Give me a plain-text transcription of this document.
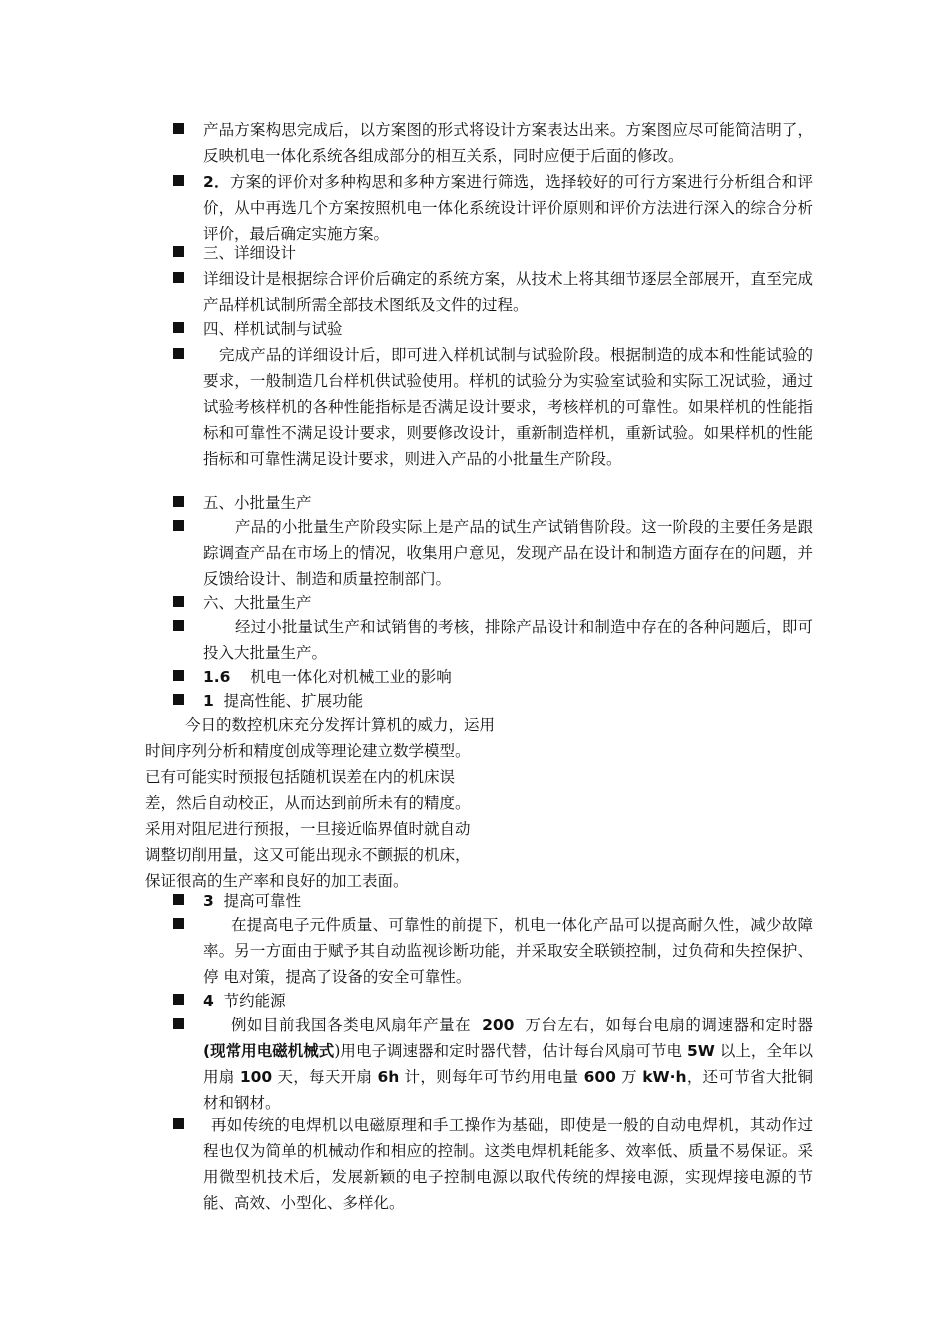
产品方案构思完成后，以方案图的形式将设计方案表达出来。方案图应尽可能简洁明了，反映机电一体化系统各组成部分的相互关系，同时应便于后面的修改。
2．方案的评价对多种构思和多种方案进行筛选，选择较好的可行方案进行分析组合和评价，从中再选几个方案按照机电一体化系统设计评价原则和评价方法进行深入的综合分析评价，最后确定实施方案。
三、详细设计
详细设计是根据综合评价后确定的系统方案，从技术上将其细节逐层全部展开，直至完成产品样机试制所需全部技术图纸及文件的过程。
四、样机试制与试验
完成产品的详细设计后，即可进入样机试制与试验阶段。根据制造的成本和性能试验的要求，一般制造几台样机供试验使用。样机的试验分为实验室试验和实际工况试验，通过试验考核样机的各种性能指标是否满足设计要求，考核样机的可靠性。如果样机的性能指标和可靠性不满足设计要求，则要修改设计，重新制造样机，重新试验。如果样机的性能指标和可靠性满足设计要求，则进入产品的小批量生产阶段。
五、小批量生产
产品的小批量生产阶段实际上是产品的试生产试销售阶段。这一阶段的主要任务是跟踪调查产品在市场上的情况，收集用户意见，发现产品在设计和制造方面存在的问题，并反馈给设计、制造和质量控制部门。
六、大批量生产
经过小批量试生产和试销售的考核，排除产品设计和制造中存在的各种问题后，即可投入大批量生产。
1.6 机电一体化对机械工业的影响
1 提高性能、扩展功能
今日的数控机床充分发挥计算机的威力，运用
时间序列分析和精度创成等理论建立数学模型。
已有可能实时预报包括随机误差在内的机床误
差，然后自动校正，从而达到前所未有的精度。
采用对阻尼进行预报，一旦接近临界值时就自动
调整切削用量，这又可能出现永不颤振的机床，
保证很高的生产率和良好的加工表面。
3 提高可靠性
在提高电子元件质量、可靠性的前提下，机电一体化产品可以提高耐久性，减少故障率。另一方面由于赋予其自动监视诊断功能，并采取安全联锁控制，过负荷和失控保护、停 电对策，提高了设备的安全可靠性。
4 节约能源
例如目前我国各类电风扇年产量在 200 万台左右，如每台电扇的调速器和定时器(现常用电磁机械式)用电子调速器和定时器代替，估计每台风扇可节电 5W 以上，全年以用扇 100 天，每天开扇 6h 计，则每年可节约用电量 600 万 kW·h，还可节省大批铜材和钢材。
再如传统的电焊机以电磁原理和手工操作为基础，即使是一般的自动电焊机，其动作过程也仅为简单的机械动作和相应的控制。这类电焊机耗能多、效率低、质量不易保证。采用微型机技术后，发展新颖的电子控制电源以取代传统的焊接电源，实现焊接电源的节能、高效、小型化、多样化。
